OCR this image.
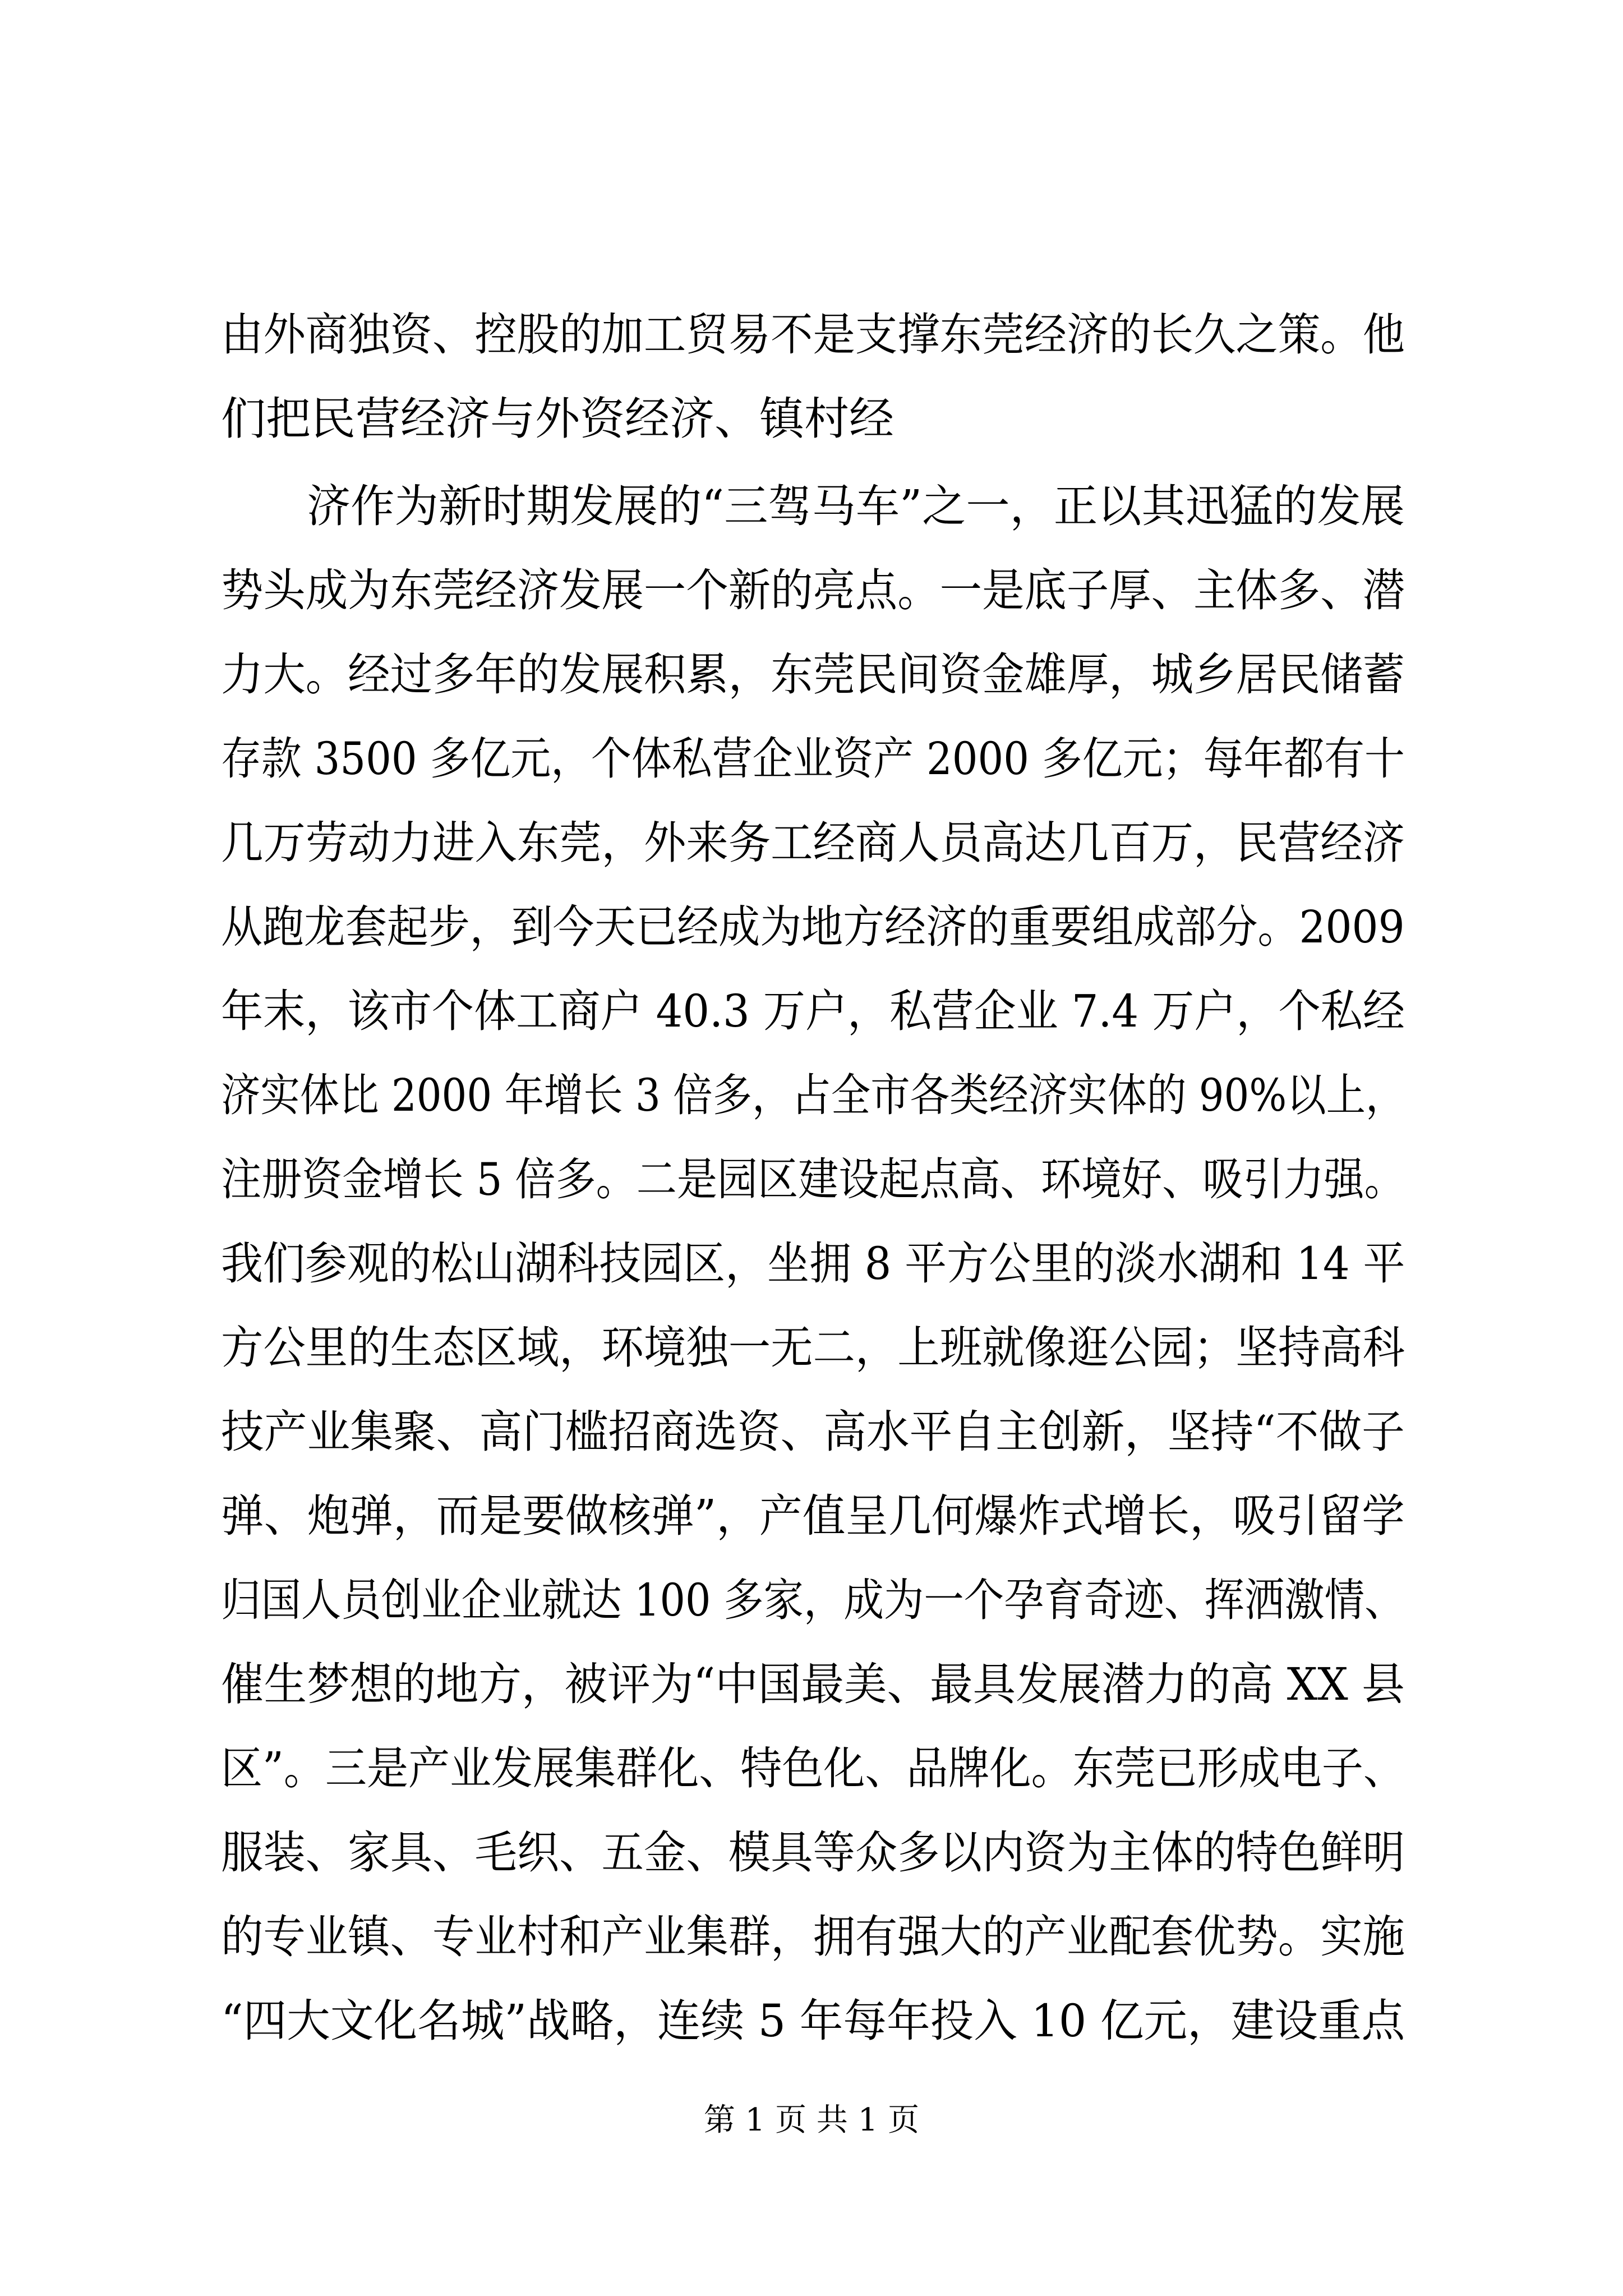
由外商独资、控股的加工贸易不是支撑东莞经济的长久之策。他
们把民营经济与外资经济、镇村经
济作为新时期发展的“三驾马车”之一，正以其迅猛的发展
势头成为东莞经济发展一个新的亮点。一是底子厚、主体多、潜
力大。经过多年的发展积累，东莞民间资金雄厚，城乡居民储蓄
存款 3500 多亿元，个体私营企业资产 2000 多亿元；每年都有十
几万劳动力进入东莞，外来务工经商人员高达几百万，民营经济
从跑龙套起步，到今天已经成为地方经济的重要组成部分。2009
年末，该市个体工商户 40.3 万户，私营企业 7.4 万户，个私经
济实体比 2000 年增长 3 倍多，占全市各类经济实体的 90%以上，
注册资金增长 5 倍多。二是园区建设起点高、环境好、吸引力强。
我们参观的松山湖科技园区，坐拥 8 平方公里的淡水湖和 14 平
方公里的生态区域，环境独一无二，上班就像逛公园；坚持高科
技产业集聚、高门槛招商选资、高水平自主创新，坚持“不做子
弹、炮弹，而是要做核弹”，产值呈几何爆炸式增长，吸引留学
归国人员创业企业就达 100 多家，成为一个孕育奇迹、挥洒激情、
催生梦想的地方，被评为“中国最美、最具发展潜力的高 XX 县
区”。三是产业发展集群化、特色化、品牌化。东莞已形成电子、
服装、家具、毛织、五金、模具等众多以内资为主体的特色鲜明
的专业镇、专业村和产业集群，拥有强大的产业配套优势。实施
“四大文化名城”战略，连续 5 年每年投入 10 亿元，建设重点
第 1 页 共 1 页
